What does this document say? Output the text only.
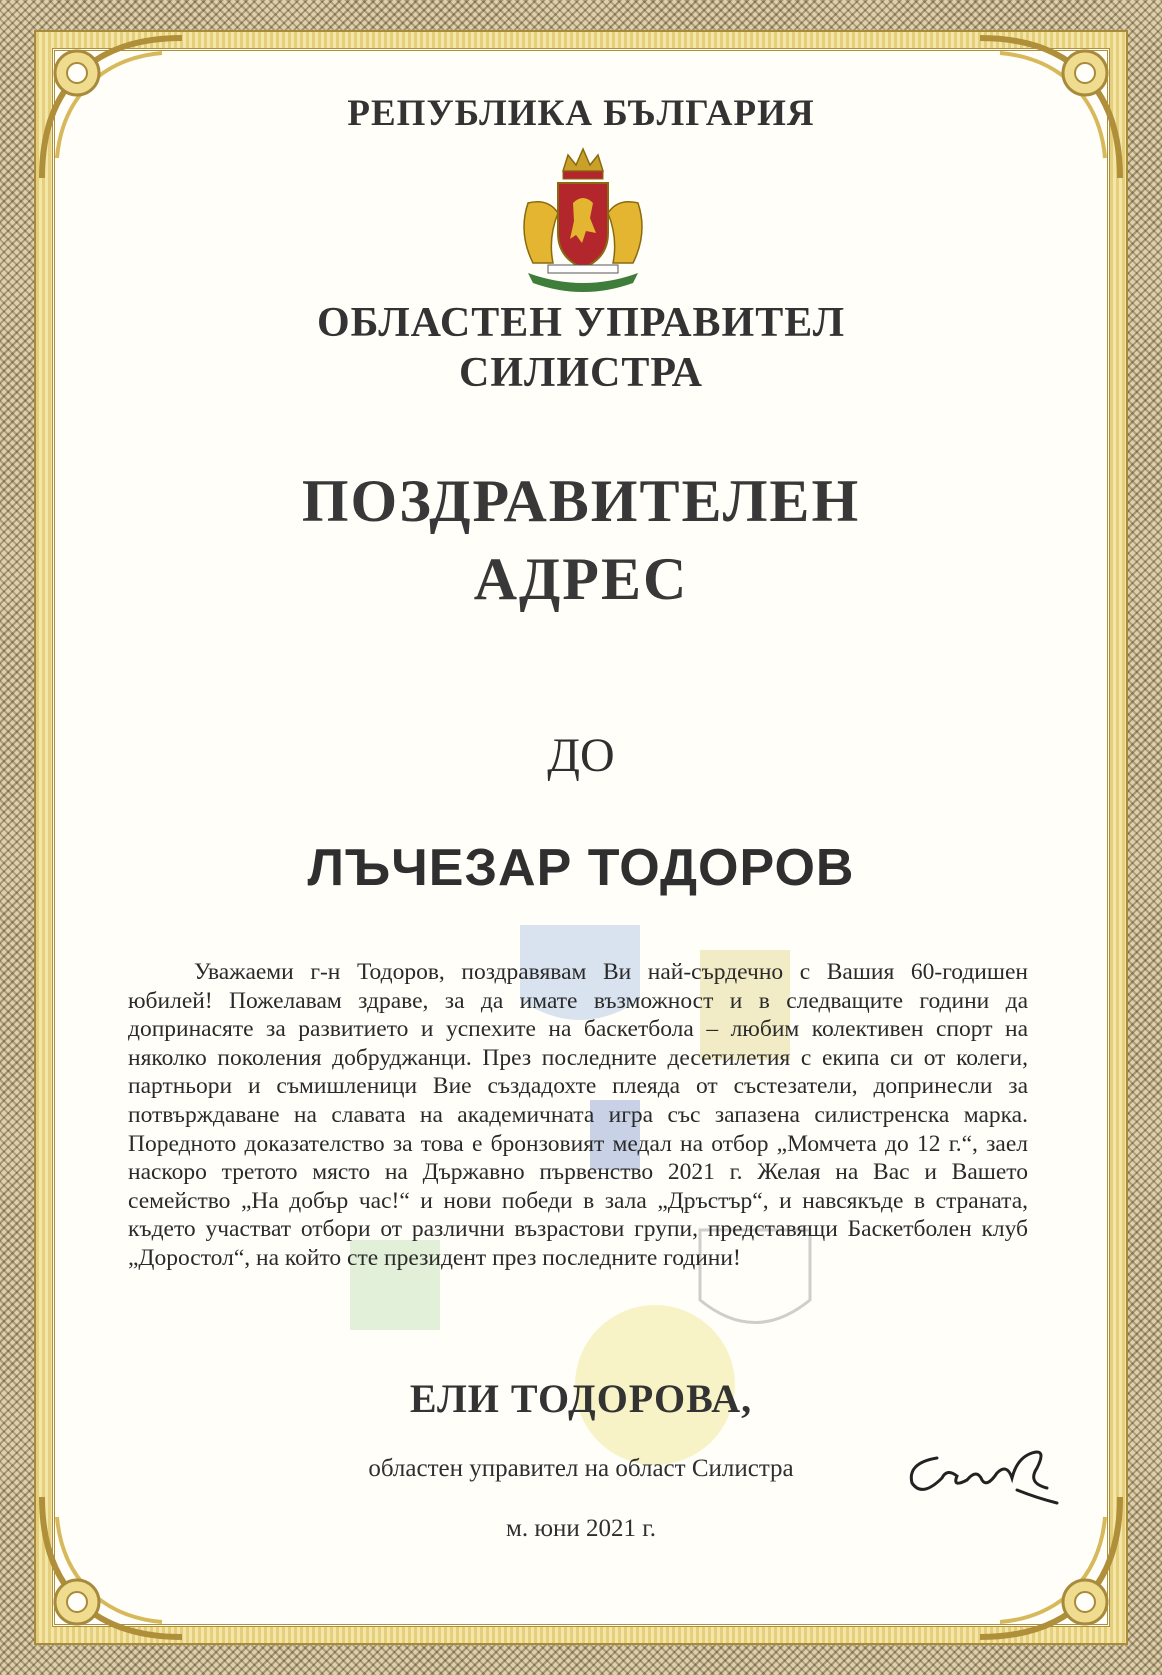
РЕПУБЛИКА БЪЛГАРИЯ
ОБЛАСТЕН УПРАВИТЕЛ
СИЛИСТРА
ПОЗДРАВИТЕЛЕН
АДРЕС
ДО
ЛЪЧЕЗАР ТОДОРОВ
Уважаеми г-н Тодоров, поздравявам Ви най-сърдечно с Вашия 60-годишен юбилей! Пожелавам здраве, за да имате възможност и в следващите години да допринасяте за развитието и успехите на баскетбола – любим колективен спорт на няколко поколения добруджанци. През последните десетилетия с екипа си от колеги, партньори и съмишленици Вие създадохте плеяда от състезатели, допринесли за потвърждаване на славата на академичната игра със запазена силистренска марка. Поредното доказателство за това е бронзовият медал на отбор „Момчета до 12 г.“, заел наскоро третото място на Държавно първенство 2021 г. Желая на Вас и Вашето семейство „На добър час!“ и нови победи в зала „Дръстър“, и навсякъде в страната, където участват отбори от различни възрастови групи, представящи Баскетболен клуб „Доростол“, на който сте президент през последните години!
ЕЛИ ТОДОРОВА,
областен управител на област Силистра
м. юни 2021 г.
